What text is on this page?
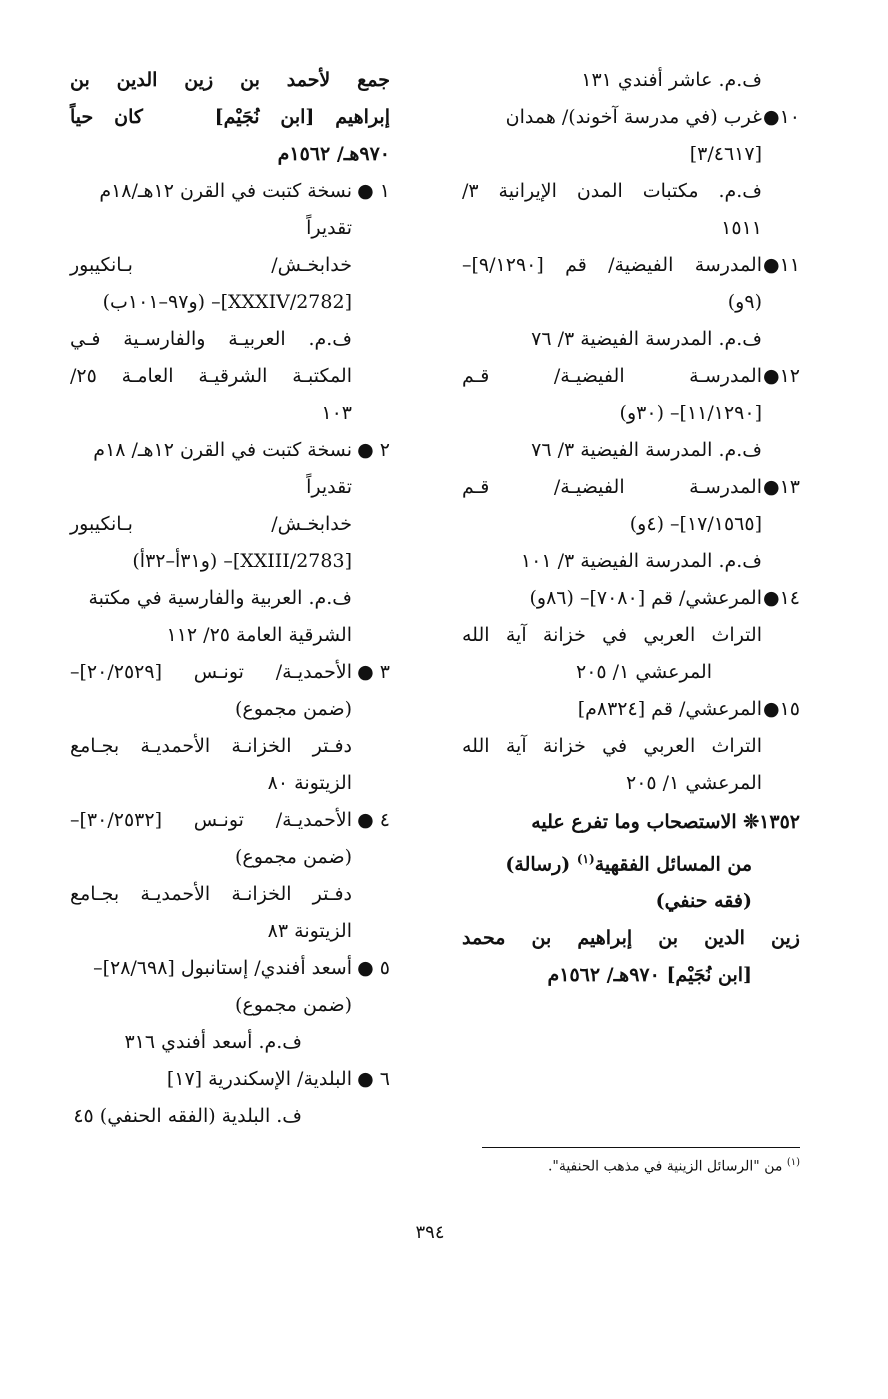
ف.م. عاشر أفندي ١٣١
١٠●
غرب (في مدرسة آخوند)/ همدان
[٣/٤٦١٧]
ف.م. مكتبات المدن الإيرانية ٣/
١٥١١
١١●
المدرسة الفيضية/ قم [٩/١٢٩٠]–
(٩و)
ف.م. المدرسة الفيضية ٣/ ٧٦
١٢●
المدرسـة الفيضيـة/ قـم
[١١/١٢٩٠]– (٣٠و)
ف.م. المدرسة الفيضية ٣/ ٧٦
١٣●
المدرسـة الفيضيـة/ قـم
[١٧/١٥٦٥]– (٤و)
ف.م. المدرسة الفيضية ٣/ ١٠١
١٤●
المرعشي/ قم [٧٠٨٠]– (٨٦و)
التراث العربي في خزانة آية الله
المرعشي ١/ ٢٠٥
١٥●
المرعشي/ قم [٨٣٢٤م]
التراث العربي في خزانة آية الله
المرعشي ١/ ٢٠٥
١٣٥٢❊ الاستصحاب وما تفرع عليه
من المسائل الفقهية$^{(١)}$ (رسالة)
(فقه حنفي)
زين الدين بن إبراهيم بن محمد
[ابن نُجَيْم] ٩٧٠هـ/ ١٥٦٢م
جمع لأحمد بن زين الدين بن
إبراهيم [ابن نُجَيْم]  كان حياً
٩٧٠هـ/ ١٥٦٢م
١ ●
نسخة كتبت في القرن ١٢هـ/١٨م
تقديراً
خدابخـش/ بـانكيبور
[2782/XXXIV]– (و٩٧–١٠١ب)
ف.م. العربيـة والفارسـية فـي
المكتبـة الشرقيـة العامـة ٢٥/
١٠٣
٢ ●
نسخة كتبت في القرن ١٢هـ/ ١٨م
تقديراً
خدابخـش/ بـانكيبور
[2783/XXIII]– (و٣١أ–٣٢أ)
ف.م. العربية والفارسية في مكتبة
الشرقية العامة ٢٥/ ١١٢
٣ ●
الأحمديـة/ تونـس [٢٠/٢٥٢٩]–
(ضمن مجموع)
دفـتر الخزانـة الأحمديـة بجـامع
الزيتونة ٨٠
٤ ●
الأحمديـة/ تونـس [٣٠/٢٥٣٢]–
(ضمن مجموع)
دفـتر الخزانـة الأحمديـة بجـامع
الزيتونة ٨٣
٥ ●
أسعد أفندي/ إستانبول [٢٨/٦٩٨]–
(ضمن مجموع)
ف.م. أسعد أفندي ٣١٦
٦ ●
البلدية/ الإسكندرية [١٧]
ف. البلدية (الفقه الحنفي) ٤٥
$^{(١)}$ من "الرسائل الزينية في مذهب الحنفية".
٣٩٤
